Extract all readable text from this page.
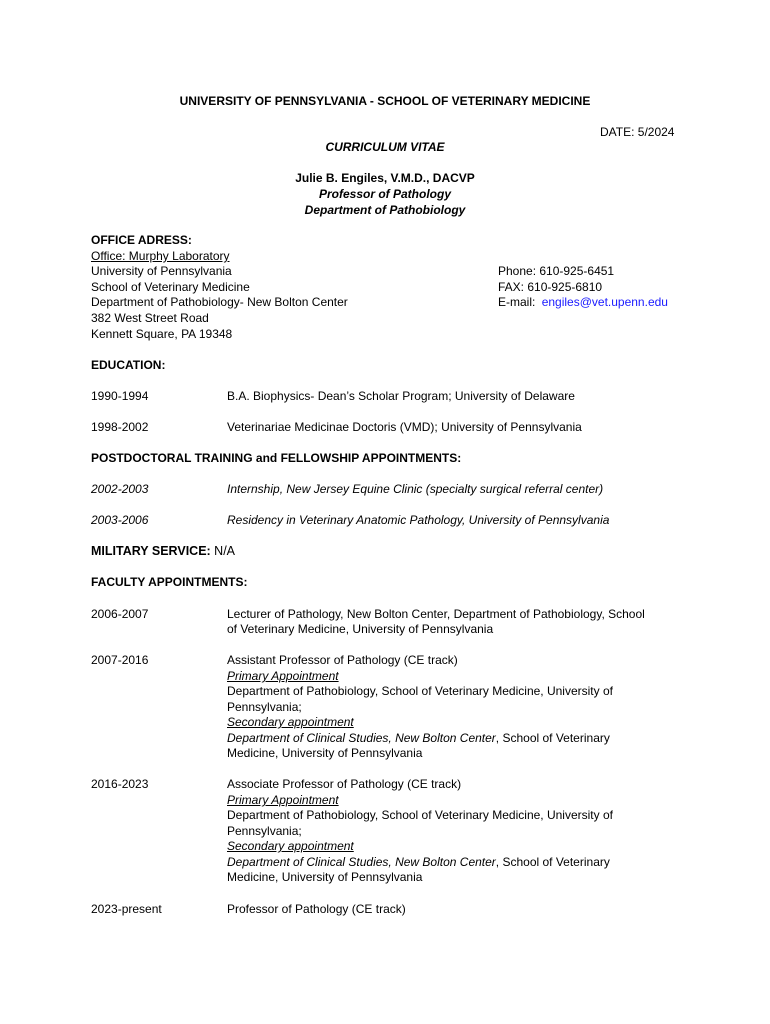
UNIVERSITY OF PENNSYLVANIA - SCHOOL OF VETERINARY MEDICINE
DATE: 5/2024
CURRICULUM VITAE
Julie B. Engiles, V.M.D., DACVP
Professor of Pathology
Department of Pathobiology
OFFICE ADRESS:
Office: Murphy Laboratory
University of Pennsylvania
School of Veterinary Medicine
Department of Pathobiology- New Bolton Center
382 West Street Road
Kennett Square, PA 19348
Phone: 610-925-6451
FAX: 610-925-6810
E-mail: engiles@vet.upenn.edu
EDUCATION:
1990-1994	B.A. Biophysics- Dean’s Scholar Program; University of Delaware
1998-2002	Veterinariae Medicinae Doctoris (VMD); University of Pennsylvania
POSTDOCTORAL TRAINING and FELLOWSHIP APPOINTMENTS:
2002-2003	Internship, New Jersey Equine Clinic (specialty surgical referral center)
2003-2006	Residency in Veterinary Anatomic Pathology, University of Pennsylvania
MILITARY SERVICE: N/A
FACULTY APPOINTMENTS:
2006-2007	Lecturer of Pathology, New Bolton Center, Department of Pathobiology, School
of Veterinary Medicine, University of Pennsylvania
2007-2016	Assistant Professor of Pathology (CE track)
Primary Appointment
Department of Pathobiology, School of Veterinary Medicine, University of
Pennsylvania;
Secondary appointment
Department of Clinical Studies, New Bolton Center, School of Veterinary
Medicine, University of Pennsylvania
2016-2023	Associate Professor of Pathology (CE track)
Primary Appointment
Department of Pathobiology, School of Veterinary Medicine, University of
Pennsylvania;
Secondary appointment
Department of Clinical Studies, New Bolton Center, School of Veterinary
Medicine, University of Pennsylvania
2023-present	Professor of Pathology (CE track)
